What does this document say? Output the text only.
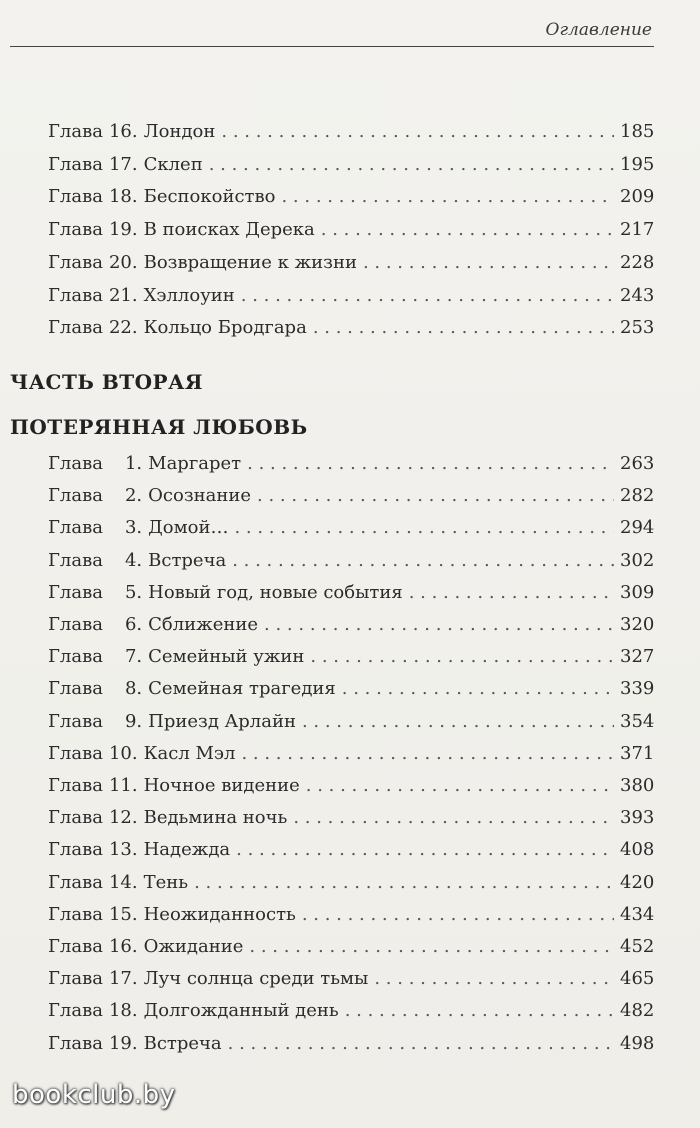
Оглавление
Глава 16. Лондон . . .	185
Глава 17. Склеп . . .	195
Глава 18. Беспокойство . . .	209
Глава 19. В поисках Дерека . . .	217
Глава 20. Возвращение к жизни . . .	228
Глава 21. Хэллоуин . . .	243
Глава 22. Кольцо Бродгара . . .	253
ЧАСТЬ ВТОРАЯ
ПОТЕРЯННАЯ ЛЮБОВЬ
Глава 1. Маргарет . . .	263
Глава 2. Осознание . . .	282
Глава 3. Домой… . . .	294
Глава 4. Встреча . . .	302
Глава 5. Новый год, новые события . . .	309
Глава 6. Сближение . . .	320
Глава 7. Семейный ужин . . .	327
Глава 8. Семейная трагедия . . .	339
Глава 9. Приезд Арлайн . . .	354
Глава 10. Касл Мэл . . .	371
Глава 11. Ночное видение . . .	380
Глава 12. Ведьмина ночь . . .	393
Глава 13. Надежда . . .	408
Глава 14. Тень . . .	420
Глава 15. Неожиданность . . .	434
Глава 16. Ожидание . . .	452
Глава 17. Луч солнца среди тьмы . . .	465
Глава 18. Долгожданный день . . .	482
Глава 19. Встреча . . .	498
bookclub.by
